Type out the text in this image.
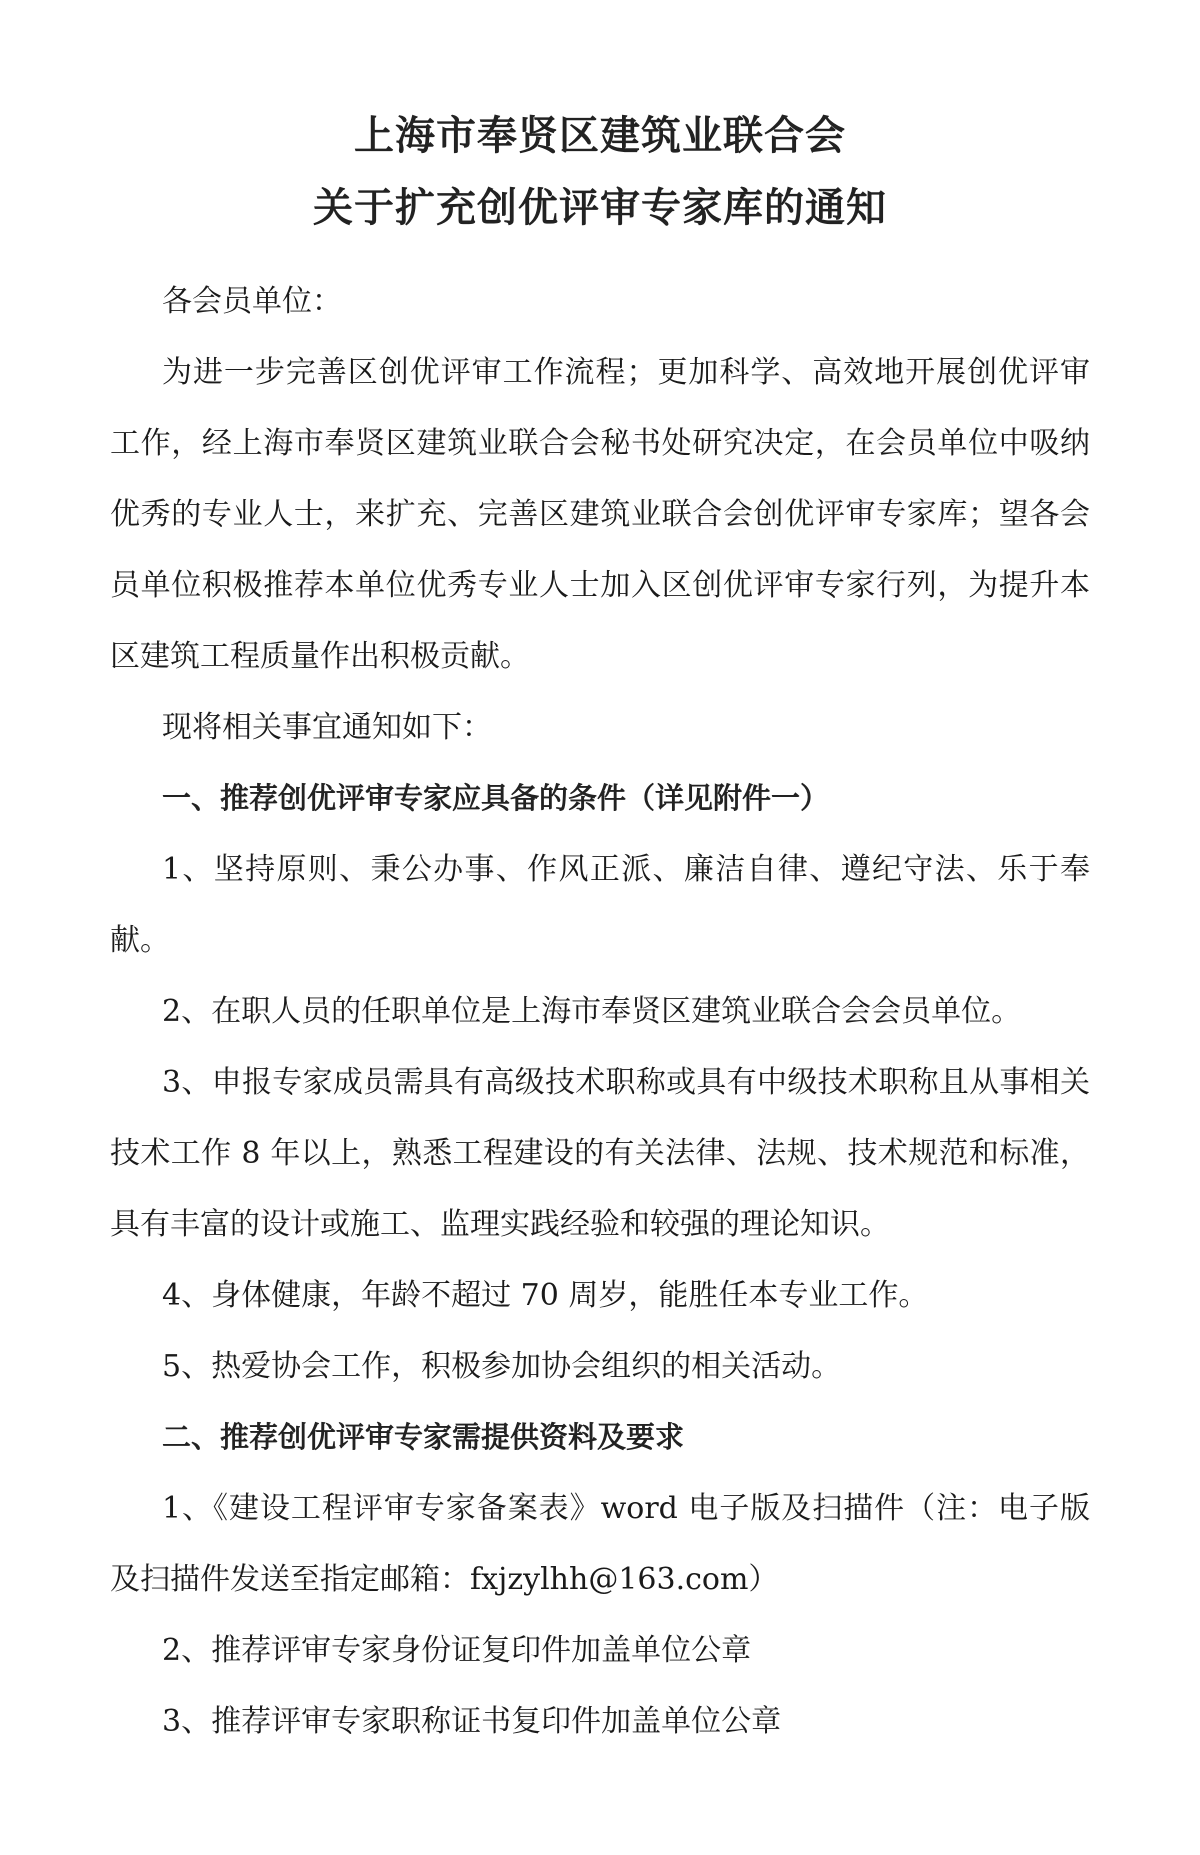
上海市奉贤区建筑业联合会

关于扩充创优评审专家库的通知

各会员单位：

为进一步完善区创优评审工作流程；更加科学、高效地开展创优评审工作，经上海市奉贤区建筑业联合会秘书处研究决定，在会员单位中吸纳优秀的专业人士，来扩充、完善区建筑业联合会创优评审专家库；望各会员单位积极推荐本单位优秀专业人士加入区创优评审专家行列，为提升本区建筑工程质量作出积极贡献。

现将相关事宜通知如下：

一、推荐创优评审专家应具备的条件（详见附件一）

1、坚持原则、秉公办事、作风正派、廉洁自律、遵纪守法、乐于奉献。

2、在职人员的任职单位是上海市奉贤区建筑业联合会会员单位。

3、申报专家成员需具有高级技术职称或具有中级技术职称且从事相关技术工作 8 年以上，熟悉工程建设的有关法律、法规、技术规范和标准，具有丰富的设计或施工、监理实践经验和较强的理论知识。

4、身体健康，年龄不超过 70 周岁，能胜任本专业工作。

5、热爱协会工作，积极参加协会组织的相关活动。

二、推荐创优评审专家需提供资料及要求

1、《建设工程评审专家备案表》word 电子版及扫描件（注：电子版及扫描件发送至指定邮箱：fxjzylhh@163.com）

2、推荐评审专家身份证复印件加盖单位公章

3、推荐评审专家职称证书复印件加盖单位公章
